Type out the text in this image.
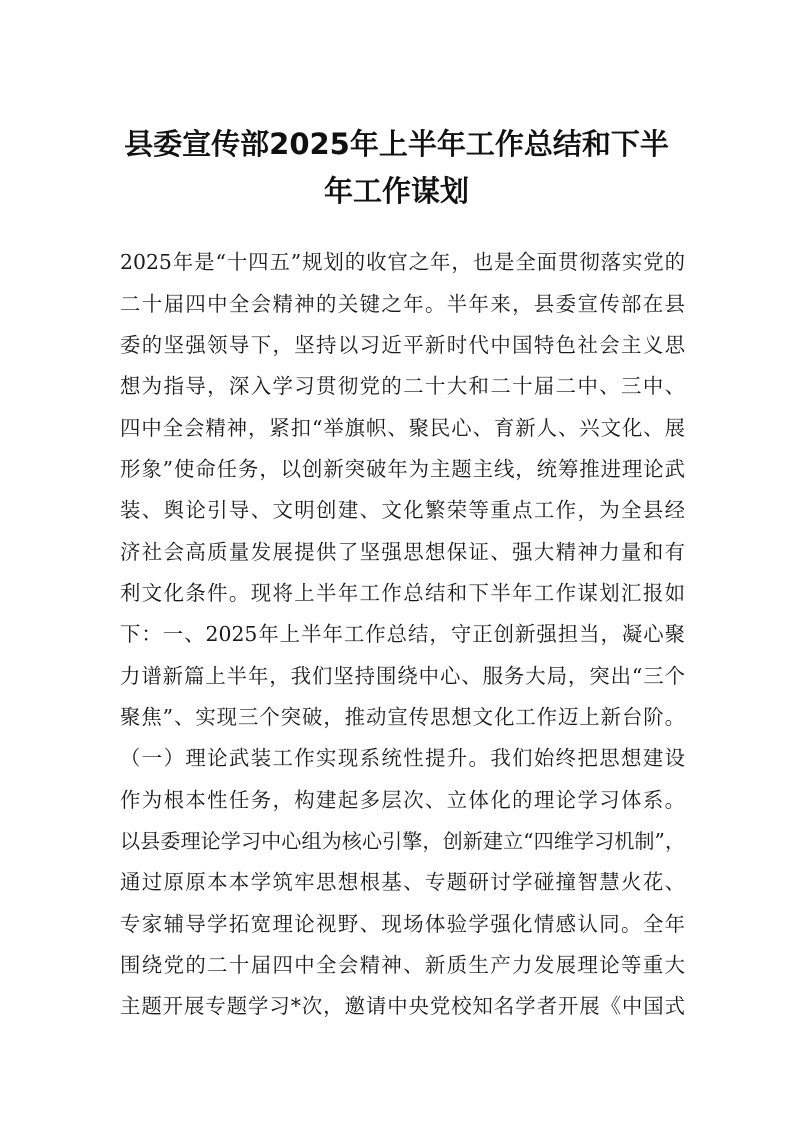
县委宣传部2025年上半年工作总结和下半
年工作谋划
2025年是“十四五”规划的收官之年，也是全面贯彻落实党的
二十届四中全会精神的关键之年。半年来，县委宣传部在县
委的坚强领导下，坚持以习近平新时代中国特色社会主义思
想为指导，深入学习贯彻党的二十大和二十届二中、三中、
四中全会精神，紧扣“举旗帜、聚民心、育新人、兴文化、展
形象”使命任务，以创新突破年为主题主线，统筹推进理论武
装、舆论引导、文明创建、文化繁荣等重点工作，为全县经
济社会高质量发展提供了坚强思想保证、强大精神力量和有
利文化条件。现将上半年工作总结和下半年工作谋划汇报如
下：一、2025年上半年工作总结，守正创新强担当，凝心聚
力谱新篇上半年，我们坚持围绕中心、服务大局，突出“三个
聚焦”、实现三个突破，推动宣传思想文化工作迈上新台阶。
（一）理论武装工作实现系统性提升。我们始终把思想建设
作为根本性任务，构建起多层次、立体化的理论学习体系。
以县委理论学习中心组为核心引擎，创新建立“四维学习机制”，
通过原原本本学筑牢思想根基、专题研讨学碰撞智慧火花、
专家辅导学拓宽理论视野、现场体验学强化情感认同。全年
围绕党的二十届四中全会精神、新质生产力发展理论等重大
主题开展专题学习*次，邀请中央党校知名学者开展《中国式
